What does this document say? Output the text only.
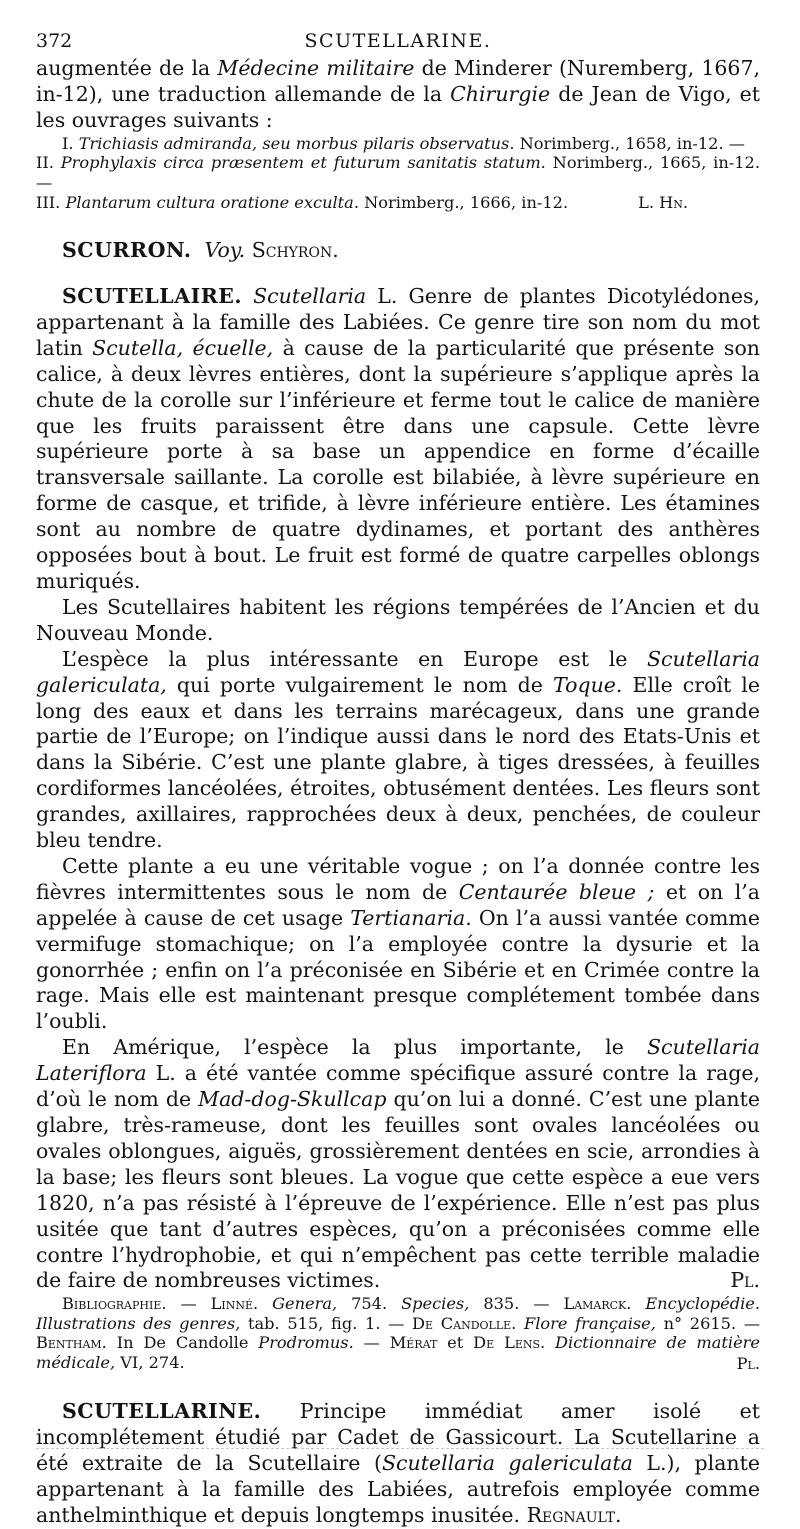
372	SCUTELLARINE.

augmentée de la Médecine militaire de Minderer (Nuremberg, 1667, in-12), une traduction allemande de la Chirurgie de Jean de Vigo, et les ouvrages suivants :

I. Trichiasis admiranda, seu morbus pilaris observatus. Norimberg., 1658, in-12. —

II. Prophylaxis circa præsentem et futurum sanitatis statum. Norimberg., 1665, in-12. —

III. Plantarum cultura oratione exculta. Norimberg., 1666, in-12.	L. Hn.

SCURRON. Voy. Schyron.

SCUTELLAIRE. Scutellaria L. Genre de plantes Dicotylédones, appartenant à la famille des Labiées. Ce genre tire son nom du mot latin Scutella, écuelle, à cause de la particularité que présente son calice, à deux lèvres entières, dont la supérieure s’applique après la chute de la corolle sur l’inférieure et ferme tout le calice de manière que les fruits paraissent être dans une capsule. Cette lèvre supérieure porte à sa base un appendice en forme d’écaille transversale saillante. La corolle est bilabiée, à lèvre supérieure en forme de casque, et trifide, à lèvre inférieure entière. Les étamines sont au nombre de quatre dydinames, et portant des anthères opposées bout à bout. Le fruit est formé de quatre carpelles oblongs muriqués.

Les Scutellaires habitent les régions tempérées de l’Ancien et du Nouveau Monde.

L’espèce la plus intéressante en Europe est le Scutellaria galericulata, qui porte vulgairement le nom de Toque. Elle croît le long des eaux et dans les terrains marécageux, dans une grande partie de l’Europe; on l’indique aussi dans le nord des Etats-Unis et dans la Sibérie. C’est une plante glabre, à tiges dressées, à feuilles cordiformes lancéolées, étroites, obtusément dentées. Les fleurs sont grandes, axillaires, rapprochées deux à deux, penchées, de couleur bleu tendre.

Cette plante a eu une véritable vogue ; on l’a donnée contre les fièvres intermittentes sous le nom de Centaurée bleue ; et on l’a appelée à cause de cet usage Tertianaria. On l’a aussi vantée comme vermifuge stomachique; on l’a employée contre la dysurie et la gonorrhée ; enfin on l’a préconisée en Sibérie et en Crimée contre la rage. Mais elle est maintenant presque complétement tombée dans l’oubli.

En Amérique, l’espèce la plus importante, le Scutellaria Lateriflora L. a été vantée comme spécifique assuré contre la rage, d’où le nom de Mad-dog-Skullcap qu’on lui a donné. C’est une plante glabre, très-rameuse, dont les feuilles sont ovales lancéolées ou ovales oblongues, aiguës, grossièrement dentées en scie, arrondies à la base; les fleurs sont bleues. La vogue que cette espèce a eue vers 1820, n’a pas résisté à l’épreuve de l’expérience. Elle n’est pas plus usitée que tant d’autres espèces, qu’on a préconisées comme elle contre l’hydrophobie, et qui n’empêchent pas cette terrible maladie de faire de nombreuses victimes.	Pl.

Bibliographie. — Linné. Genera, 754. Species, 835. — Lamarck. Encyclopédie. Illustrations des genres, tab. 515, fig. 1. — De Candolle. Flore française, n° 2615. — Bentham. In De Candolle Prodromus. — Mérat et De Lens. Dictionnaire de matière médicale, VI, 274.	Pl.

SCUTELLARINE. Principe immédiat amer isolé et incomplétement étudié par Cadet de Gassicourt. La Scutellarine a été extraite de la Scutellaire (Scutellaria galericulata L.), plante appartenant à la famille des Labiées, autrefois employée comme anthelminthique et depuis longtemps inusitée. Regnault.
